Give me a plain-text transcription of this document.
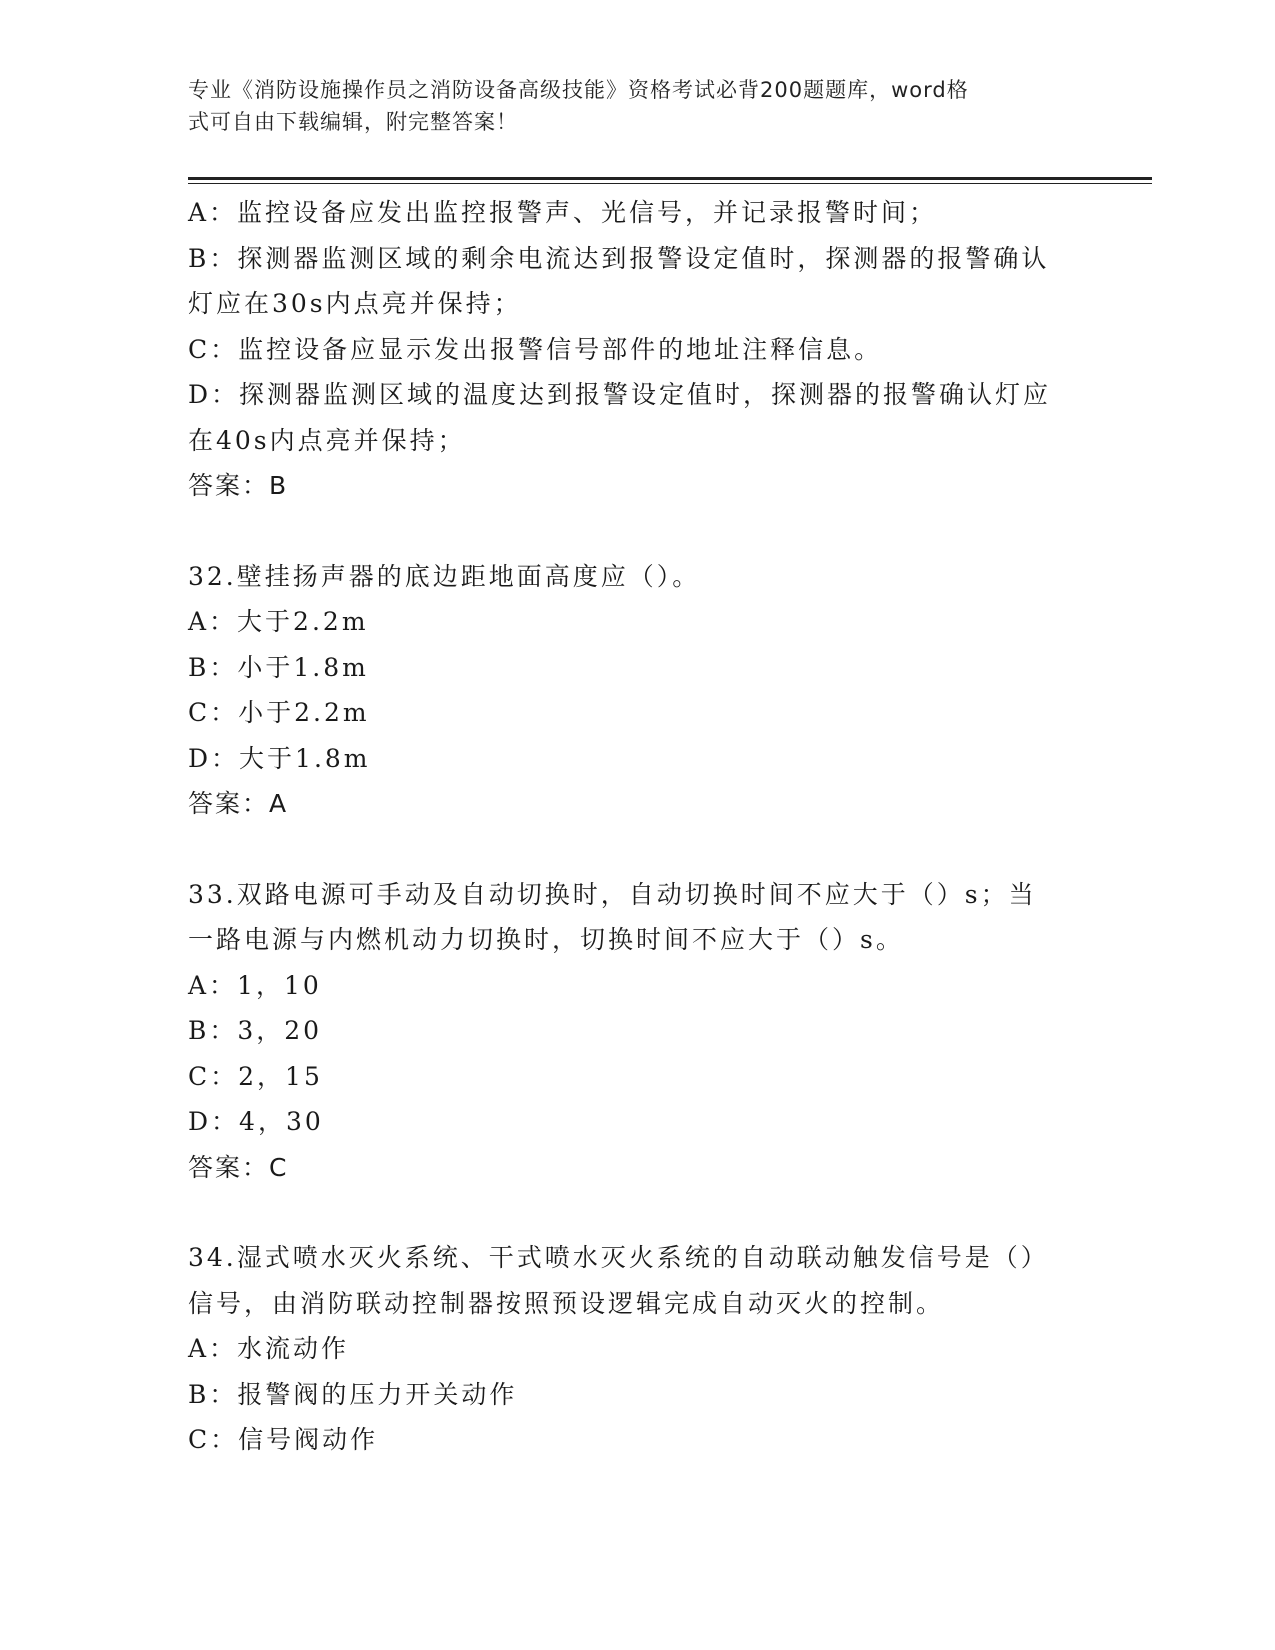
专业《消防设施操作员之消防设备高级技能》资格考试必背200题题库，word格
式可自由下载编辑，附完整答案！
A：监控设备应发出监控报警声、光信号，并记录报警时间；
B：探测器监测区域的剩余电流达到报警设定值时，探测器的报警确认
灯应在30s内点亮并保持；
C：监控设备应显示发出报警信号部件的地址注释信息。
D：探测器监测区域的温度达到报警设定值时，探测器的报警确认灯应
在40s内点亮并保持；
答案：B
32.壁挂扬声器的底边距地面高度应（）。
A：大于2.2m
B：小于1.8m
C：小于2.2m
D：大于1.8m
答案：A
33.双路电源可手动及自动切换时，自动切换时间不应大于（）s；当
一路电源与内燃机动力切换时，切换时间不应大于（）s。
A：1，10
B：3，20
C：2，15
D：4，30
答案：C
34.湿式喷水灭火系统、干式喷水灭火系统的自动联动触发信号是（）
信号，由消防联动控制器按照预设逻辑完成自动灭火的控制。
A：水流动作
B：报警阀的压力开关动作
C：信号阀动作
